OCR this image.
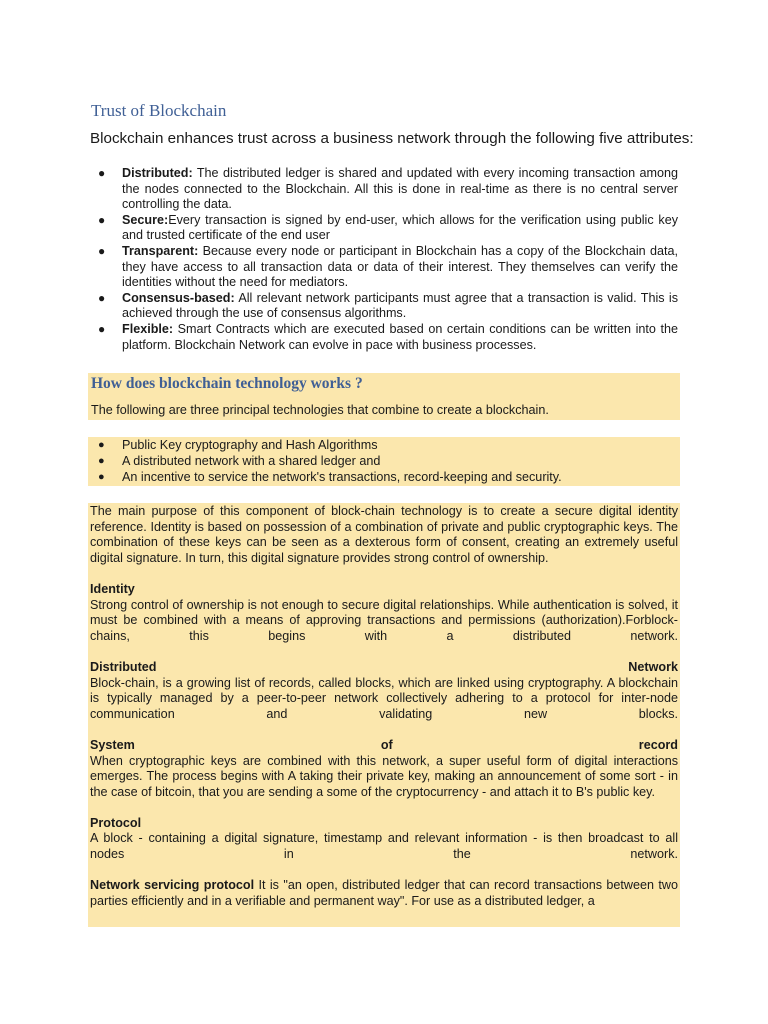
Trust of Blockchain

Blockchain enhances trust across a business network through the following five attributes:

● Distributed: The distributed ledger is shared and updated with every incoming transaction among the nodes connected to the Blockchain. All this is done in real-time as there is no central server controlling the data.
● Secure:Every transaction is signed by end-user, which allows for the verification using public key and trusted certificate of the end user
● Transparent: Because every node or participant in Blockchain has a copy of the Blockchain data, they have access to all transaction data or data of their interest. They themselves can verify the identities without the need for mediators.
● Consensus-based: All relevant network participants must agree that a transaction is valid. This is achieved through the use of consensus algorithms.
● Flexible: Smart Contracts which are executed based on certain conditions can be written into the platform. Blockchain Network can evolve in pace with business processes.
How does blockchain technology works ?

The following are three principal technologies that combine to create a blockchain.

● Public Key cryptography and Hash Algorithms
● A distributed network with a shared ledger and
● An incentive to service the network's transactions, record-keeping and security.

The main purpose of this component of block-chain technology is to create a secure digital identity reference. Identity is based on possession of a combination of private and public cryptographic keys. The combination of these keys can be seen as a dexterous form of consent, creating an extremely useful digital signature. In turn, this digital signature provides strong control of ownership.

Identity
Strong control of ownership is not enough to secure digital relationships. While authentication is solved, it must be combined with a means of approving transactions and permissions (authorization).Forblock-chains, this begins with a distributed network.
Distributed Network
Block-chain, is a growing list of records, called blocks, which are linked using cryptography. A blockchain is typically managed by a peer-to-peer network collectively adhering to a protocol for inter-node communication and validating new blocks.
System of record
When cryptographic keys are combined with this network, a super useful form of digital interactions emerges. The process begins with A taking their private key, making an announcement of some sort - in the case of bitcoin, that you are sending a some of the cryptocurrency - and attach it to B's public key.
Protocol
A block - containing a digital signature, timestamp and relevant information - is then broadcast to all nodes in the network.
Network servicing protocol It is "an open, distributed ledger that can record transactions between two parties efficiently and in a verifiable and permanent way". For use as a distributed ledger, a
